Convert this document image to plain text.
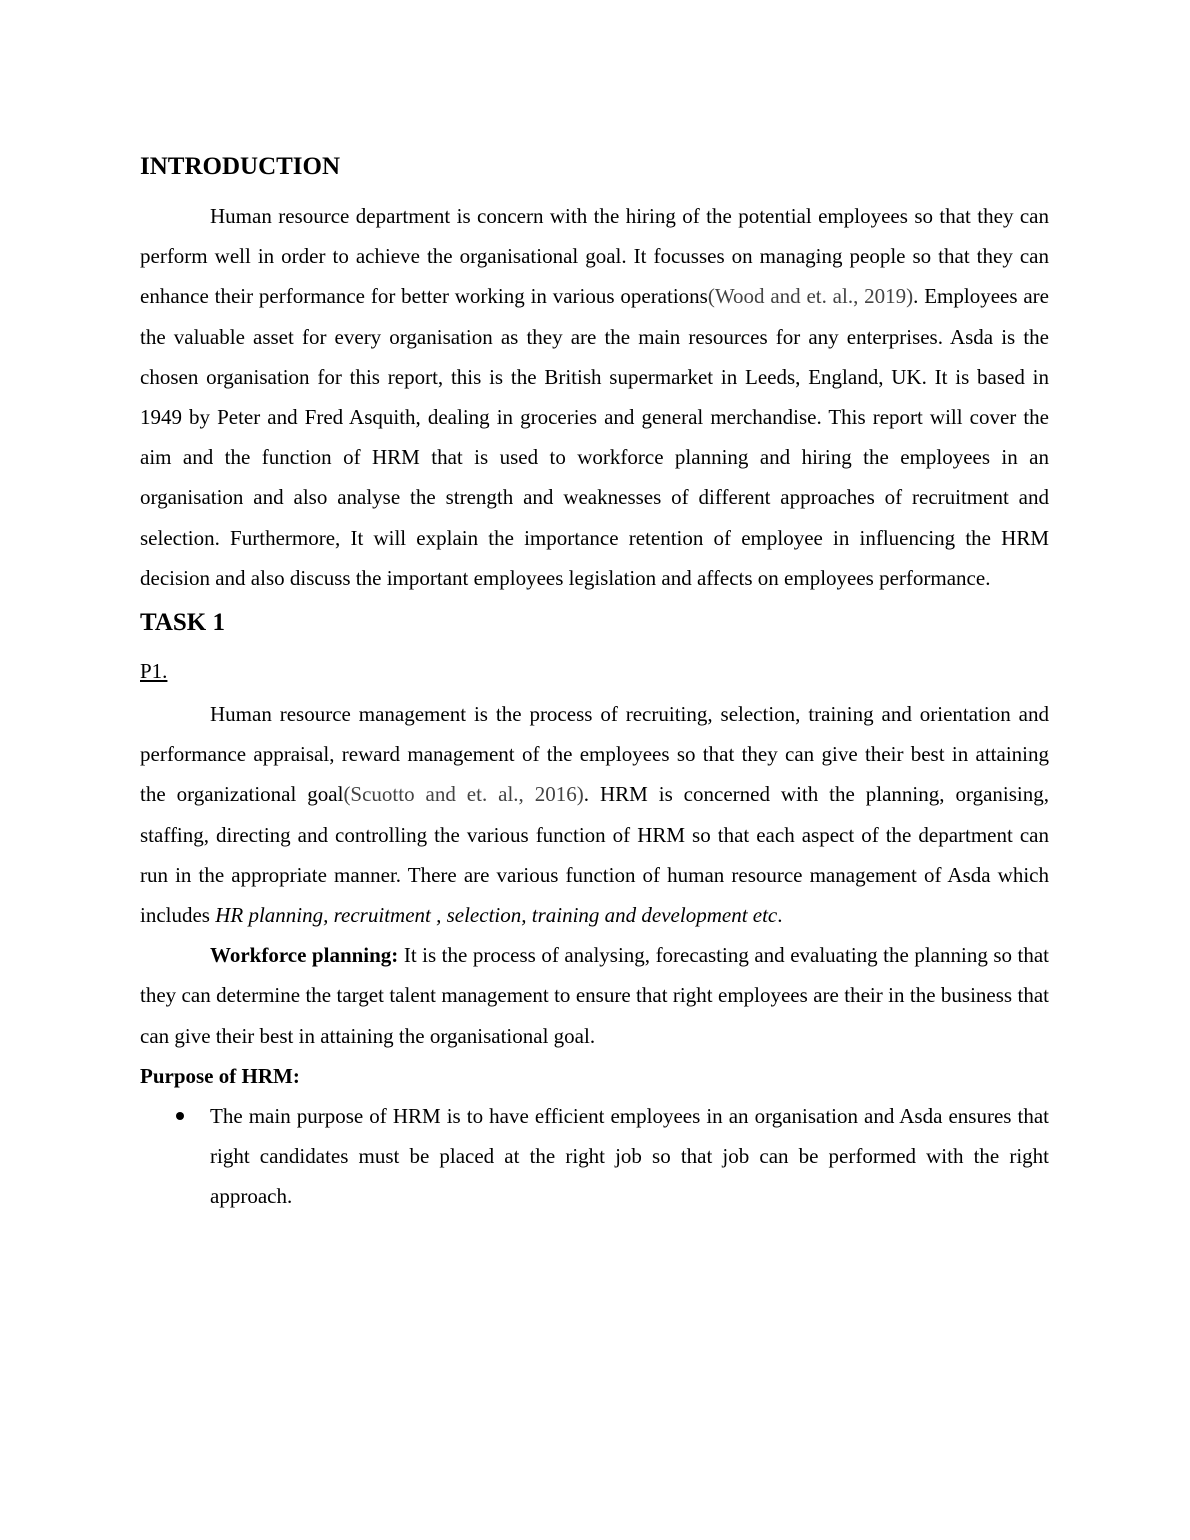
INTRODUCTION

Human resource department is concern with the hiring of the potential employees so that they can perform well in order to achieve the organisational goal. It focusses on managing people so that they can enhance their performance for better working in various operations(Wood and et. al., 2019). Employees are the valuable asset for every organisation as they are the main resources for any enterprises. Asda is the chosen organisation for this report, this is the British supermarket in Leeds, England, UK. It is based in 1949 by Peter and Fred Asquith, dealing in groceries and general merchandise. This report will cover the aim and the function of HRM that is used to workforce planning and hiring the employees in an organisation and also analyse the strength and weaknesses of different approaches of recruitment and selection. Furthermore, It will explain the importance retention of employee in influencing the HRM decision and also discuss the important employees legislation and affects on employees performance.

TASK 1
P1.

Human resource management is the process of recruiting, selection, training and orientation and performance appraisal, reward management of the employees so that they can give their best in attaining the organizational goal(Scuotto and et. al., 2016). HRM is concerned with the planning, organising, staffing, directing and controlling the various function of HRM so that each aspect of the department can run in the appropriate manner. There are various function of human resource management of Asda which includes HR planning, recruitment , selection, training and development etc.

Workforce planning: It is the process of analysing, forecasting and evaluating the planning so that they can determine the target talent management to ensure that right employees are their in the business that can give their best in attaining the organisational goal.

Purpose of HRM:
The main purpose of HRM is to have efficient employees in an organisation and Asda ensures that right candidates must be placed at the right job so that job can be performed with the right approach.
